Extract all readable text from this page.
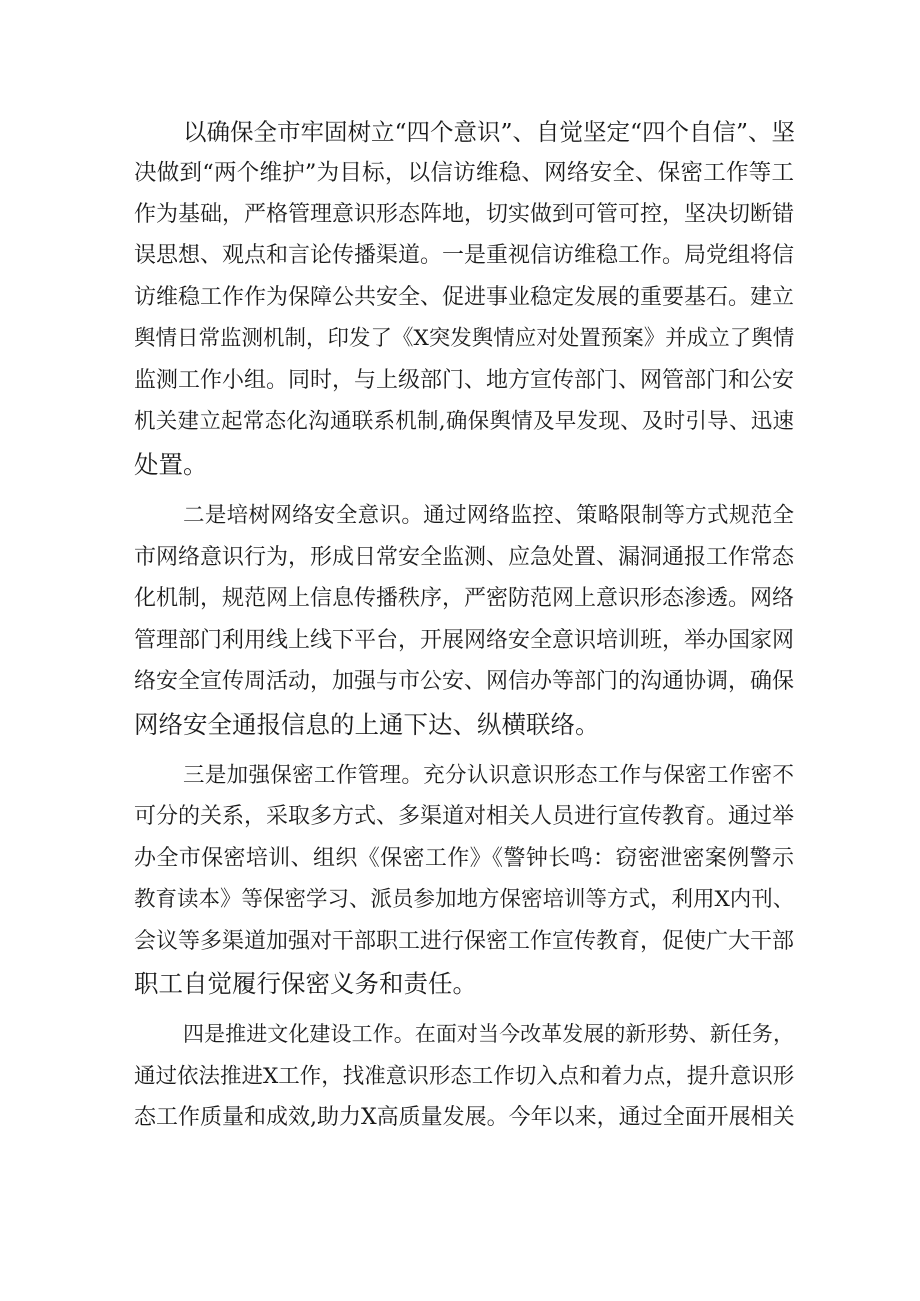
以确保全市牢固树立“四个意识”、自觉坚定“四个自信”、坚

决做到“两个维护”为目标，以信访维稳、网络安全、保密工作等工

作为基础，严格管理意识形态阵地，切实做到可管可控，坚决切断错

误思想、观点和言论传播渠道。一是重视信访维稳工作。局党组将信

访维稳工作作为保障公共安全、促进事业稳定发展的重要基石。建立

舆情日常监测机制，印发了《X突发舆情应对处置预案》并成立了舆情

监测工作小组。同时，与上级部门、地方宣传部门、网管部门和公安

机关建立起常态化沟通联系机制,确保舆情及早发现、及时引导、迅速

处置。

二是培树网络安全意识。通过网络监控、策略限制等方式规范全

市网络意识行为，形成日常安全监测、应急处置、漏洞通报工作常态

化机制，规范网上信息传播秩序，严密防范网上意识形态渗透。网络

管理部门利用线上线下平台，开展网络安全意识培训班，举办国家网

络安全宣传周活动，加强与市公安、网信办等部门的沟通协调，确保

网络安全通报信息的上通下达、纵横联络。

三是加强保密工作管理。充分认识意识形态工作与保密工作密不

可分的关系，采取多方式、多渠道对相关人员进行宣传教育。通过举

办全市保密培训、组织《保密工作》《警钟长鸣：窃密泄密案例警示

教育读本》等保密学习、派员参加地方保密培训等方式，利用X内刊、

会议等多渠道加强对干部职工进行保密工作宣传教育，促使广大干部

职工自觉履行保密义务和责任。

四是推进文化建设工作。在面对当今改革发展的新形势、新任务，

通过依法推进X工作，找准意识形态工作切入点和着力点，提升意识形

态工作质量和成效,助力X高质量发展。今年以来，通过全面开展相关
